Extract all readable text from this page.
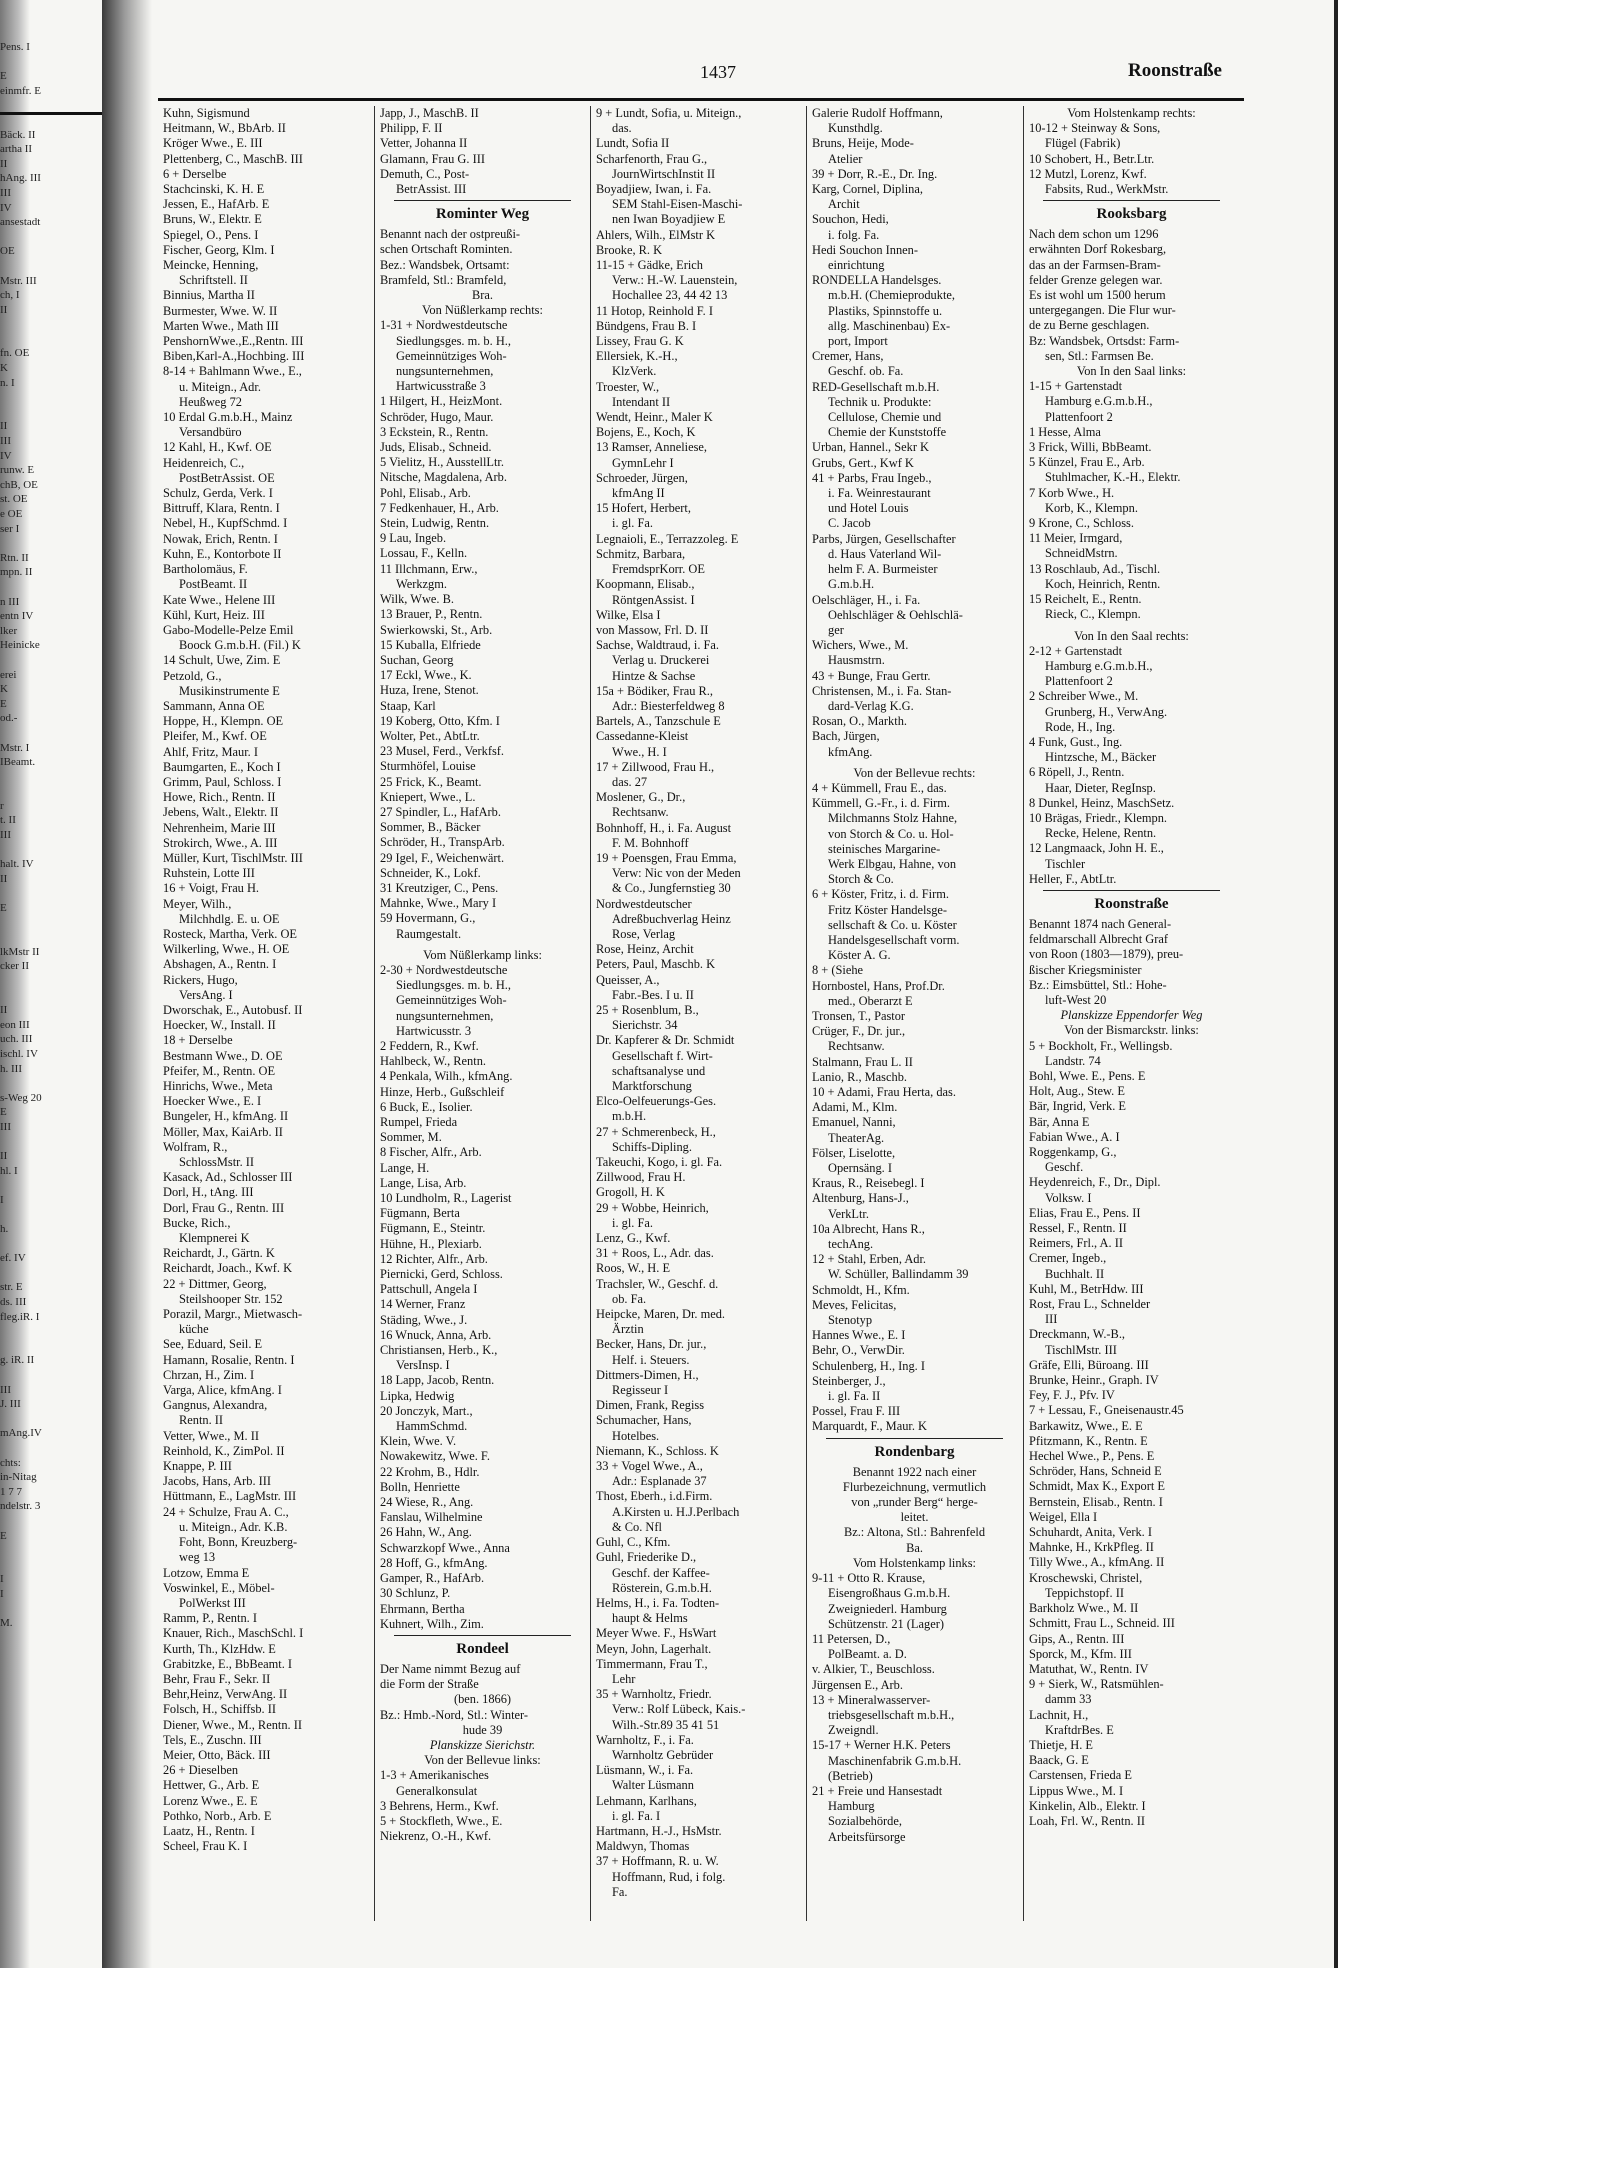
Pens. I
E
einmfr. E
Bäck. II
artha II
II
hAng. III
III
IV
ansestadt
OE
Mstr. III
ch, I
II
fn. OE
K
n. I
II
III
IV
runw. E
chB, OE
st. OE
e OE
ser I
Rtn. II
mpn. II
n III
entn IV
lker
Heinicke
erei
K
E
od.-
Mstr. I
IBeamt.
r
t. II
III
halt. IV
II
E
lkMstr II
cker II
II
eon III
uch. III
ischl. IV
h. III
s-Weg 20
E
III
II
hl. I
I
h.
ef. IV
str. E
ds. III
fleg.iR. I
g. iR. II
III
J. III
mAng.IV
chts:
in-Nitag
1 7 7
ndelstr. 3
E
I
I
M.
1437	Roonstraße
Kuhn, Sigismund
Heitmann, W., BbArb. II
Kröger Wwe., E. III
Plettenberg, C., MaschB. III
6 + Derselbe
Stachcinski, K. H. E
Jessen, E., HafArb. E
Bruns, W., Elektr. E
Spiegel, O., Pens. I
Fischer, Georg, Klm. I
Meincke, Henning,
Schriftstell. II
Binnius, Martha II
Burmester, Wwe. W. II
Marten Wwe., Math III
PenshornWwe.,E.,Rentn. III
Biben,Karl-A.,Hochbing. III
8-14 + Bahlmann Wwe., E.,
u. Miteign., Adr.
Heußweg 72
10 Erdal G.m.b.H., Mainz
Versandbüro
12 Kahl, H., Kwf. OE
Heidenreich, C.,
PostBetrAssist. OE
Schulz, Gerda, Verk. I
Bittruff, Klara, Rentn. I
Nebel, H., KupfSchmd. I
Nowak, Erich, Rentn. I
Kuhn, E., Kontorbote II
Bartholomäus, F.
PostBeamt. II
Kate Wwe., Helene III
Kühl, Kurt, Heiz. III
Gabo-Modelle-Pelze Emil
Boock G.m.b.H. (Fil.) K
14 Schult, Uwe, Zim. E
Petzold, G.,
Musikinstrumente E
Sammann, Anna OE
Hoppe, H., Klempn. OE
Pleifer, M., Kwf. OE
Ahlf, Fritz, Maur. I
Baumgarten, E., Koch I
Grimm, Paul, Schloss. I
Howe, Rich., Rentn. II
Jebens, Walt., Elektr. II
Nehrenheim, Marie III
Strokirch, Wwe., A. III
Müller, Kurt, TischlMstr. III
Ruhstein, Lotte III
16 + Voigt, Frau H.
Meyer, Wilh.,
Milchhdlg. E. u. OE
Rosteck, Martha, Verk. OE
Wilkerling, Wwe., H. OE
Abshagen, A., Rentn. I
Rickers, Hugo,
VersAng. I
Dworschak, E., Autobusf. II
Hoecker, W., Install. II
18 + Derselbe
Bestmann Wwe., D. OE
Pfeifer, M., Rentn. OE
Hinrichs, Wwe., Meta
Hoecker Wwe., E. I
Bungeler, H., kfmAng. II
Möller, Max, KaiArb. II
Wolfram, R.,
SchlossMstr. II
Kasack, Ad., Schlosser III
Dorl, H., tAng. III
Dorl, Frau G., Rentn. III
Bucke, Rich.,
Klempnerei K
Reichardt, J., Gärtn. K
Reichardt, Joach., Kwf. K
22 + Dittmer, Georg,
Steilshooper Str. 152
Porazil, Margr., Mietwasch-
küche
See, Eduard, Seil. E
Hamann, Rosalie, Rentn. I
Chrzan, H., Zim. I
Varga, Alice, kfmAng. I
Gangnus, Alexandra,
Rentn. II
Vetter, Wwe., M. II
Reinhold, K., ZimPol. II
Knappe, P. III
Jacobs, Hans, Arb. III
Hüttmann, E., LagMstr. III
24 + Schulze, Frau A. C.,
u. Miteign., Adr. K.B.
Foht, Bonn, Kreuzberg-
weg 13
Lotzow, Emma E
Voswinkel, E., Möbel-
PolWerkst III
Ramm, P., Rentn. I
Knauer, Rich., MaschSchl. I
Kurth, Th., KlzHdw. E
Grabitzke, E., BbBeamt. I
Behr, Frau F., Sekr. II
Behr,Heinz, VerwAng. II
Folsch, H., Schiffsb. II
Diener, Wwe., M., Rentn. II
Tels, E., Zuschn. III
Meier, Otto, Bäck. III
26 + Dieselben
Hettwer, G., Arb. E
Lorenz Wwe., E. E
Pothko, Norb., Arb. E
Laatz, H., Rentn. I
Scheel, Frau K. I
Japp, J., MaschB. II
Philipp, F. II
Vetter, Johanna II
Glamann, Frau G. III
Demuth, C., Post-
BetrAssist. III
Rominter Weg
Benannt nach der ostpreußi-
schen Ortschaft Rominten.
Bez.: Wandsbek, Ortsamt:
Bramfeld, Stl.: Bramfeld,
Bra.
Von Nüßlerkamp rechts:
1-31 + Nordwestdeutsche
Siedlungsges. m. b. H.,
Gemeinnütziges Woh-
nungsunternehmen,
Hartwicusstraße 3
1 Hilgert, H., HeizMont.
Schröder, Hugo, Maur.
3 Eckstein, R., Rentn.
Juds, Elisab., Schneid.
5 Vielitz, H., AusstellLtr.
Nitsche, Magdalena, Arb.
Pohl, Elisab., Arb.
7 Fedkenhauer, H., Arb.
Stein, Ludwig, Rentn.
9 Lau, Ingeb.
Lossau, F., Kelln.
11 Illchmann, Erw.,
Werkzgm.
Wilk, Wwe. B.
13 Brauer, P., Rentn.
Swierkowski, St., Arb.
15 Kuballa, Elfriede
Suchan, Georg
17 Eckl, Wwe., K.
Huza, Irene, Stenot.
Staap, Karl
19 Koberg, Otto, Kfm. I
Wolter, Pet., AbtLtr.
23 Musel, Ferd., Verkfsf.
Sturmhöfel, Louise
25 Frick, K., Beamt.
Kniepert, Wwe., L.
27 Spindler, L., HafArb.
Sommer, B., Bäcker
Schröder, H., TranspArb.
29 Igel, F., Weichenwärt.
Schneider, K., Lokf.
31 Kreutziger, C., Pens.
Mahnke, Wwe., Mary I
59 Hovermann, G.,
Raumgestalt.
Vom Nüßlerkamp links:
2-30 + Nordwestdeutsche
Siedlungsges. m. b. H.,
Gemeinnütziges Woh-
nungsunternehmen,
Hartwicusstr. 3
2 Feddern, R., Kwf.
Hahlbeck, W., Rentn.
4 Penkala, Wilh., kfmAng.
Hinze, Herb., Gußschleif
6 Buck, E., Isolier.
Rumpel, Frieda
Sommer, M.
8 Fischer, Alfr., Arb.
Lange, H.
Lange, Lisa, Arb.
10 Lundholm, R., Lagerist
Fügmann, Berta
Fügmann, E., Steintr.
Hühne, H., Plexiarb.
12 Richter, Alfr., Arb.
Piernicki, Gerd, Schloss.
Pattschull, Angela I
14 Werner, Franz
Städing, Wwe., J.
16 Wnuck, Anna, Arb.
Christiansen, Herb., K.,
VersInsp. I
18 Lapp, Jacob, Rentn.
Lipka, Hedwig
20 Jonczyk, Mart.,
HammSchmd.
Klein, Wwe. V.
Nowakewitz, Wwe. F.
22 Krohm, B., Hdlr.
Bolln, Henriette
24 Wiese, R., Ang.
Fanslau, Wilhelmine
26 Hahn, W., Ang.
Schwarzkopf Wwe., Anna
28 Hoff, G., kfmAng.
Gamper, R., HafArb.
30 Schlunz, P.
Ehrmann, Bertha
Kuhnert, Wilh., Zim.
Rondeel
Der Name nimmt Bezug auf
die Form der Straße
(ben. 1866)
Bz.: Hmb.-Nord, Stl.: Winter-
hude 39
Planskizze Sierichstr.
Von der Bellevue links:
1-3 + Amerikanisches
Generalkonsulat
3 Behrens, Herm., Kwf.
5 + Stockfleth, Wwe., E.
Niekrenz, O.-H., Kwf.
9 + Lundt, Sofia, u. Miteign.,
das.
Lundt, Sofia II
Scharfenorth, Frau G.,
JournWirtschInstit II
Boyadjiew, Iwan, i. Fa.
SEM Stahl-Eisen-Maschi-
nen Iwan Boyadjiew E
Ahlers, Wilh., ElMstr K
Brooke, R. K
11-15 + Gädke, Erich
Verw.: H.-W. Lauenstein,
Hochallee 23, 44 42 13
11 Hotop, Reinhold F. I
Bündgens, Frau B. I
Lissey, Frau G. K
Ellersiek, K.-H.,
KlzVerk.
Troester, W.,
Intendant II
Wendt, Heinr., Maler K
Bojens, E., Koch, K
13 Ramser, Anneliese,
GymnLehr I
Schroeder, Jürgen,
kfmAng II
15 Hofert, Herbert,
i. gl. Fa.
Legnaioli, E., Terrazzoleg. E
Schmitz, Barbara,
FremdsprKorr. OE
Koopmann, Elisab.,
RöntgenAssist. I
Wilke, Elsa I
von Massow, Frl. D. II
Sachse, Waldtraud, i. Fa.
Verlag u. Druckerei
Hintze & Sachse
15a + Bödiker, Frau R.,
Adr.: Biesterfeldweg 8
Bartels, A., Tanzschule E
Cassedanne-Kleist
Wwe., H. I
17 + Zillwood, Frau H.,
das. 27
Moslener, G., Dr.,
Rechtsanw.
Bohnhoff, H., i. Fa. August
F. M. Bohnhoff
19 + Poensgen, Frau Emma,
Verw: Nic von der Meden
& Co., Jungfernstieg 30
Nordwestdeutscher
Adreßbuchverlag Heinz
Rose, Verlag
Rose, Heinz, Archit
Peters, Paul, Maschb. K
Queisser, A.,
Fabr.-Bes. I u. II
25 + Rosenblum, B.,
Sierichstr. 34
Dr. Kapferer & Dr. Schmidt
Gesellschaft f. Wirt-
schaftsanalyse und
Marktforschung
Elco-Oelfeuerungs-Ges.
m.b.H.
27 + Schmerenbeck, H.,
Schiffs-Dipling.
Takeuchi, Kogo, i. gl. Fa.
Zillwood, Frau H.
Grogoll, H. K
29 + Wobbe, Heinrich,
i. gl. Fa.
Lenz, G., Kwf.
31 + Roos, L., Adr. das.
Roos, W., H. E
Trachsler, W., Geschf. d.
ob. Fa.
Heipcke, Maren, Dr. med.
Ärztin
Becker, Hans, Dr. jur.,
Helf. i. Steuers.
Dittmers-Dimen, H.,
Regisseur I
Dimen, Frank, Regiss
Schumacher, Hans,
Hotelbes.
Niemann, K., Schloss. K
33 + Vogel Wwe., A.,
Adr.: Esplanade 37
Thost, Eberh., i.d.Firm.
A.Kirsten u. H.J.Perlbach
& Co. Nfl
Guhl, C., Kfm.
Guhl, Friederike D.,
Geschf. der Kaffee-
Rösterein, G.m.b.H.
Helms, H., i. Fa. Todten-
haupt & Helms
Meyer Wwe. F., HsWart
Meyn, John, Lagerhalt.
Timmermann, Frau T.,
Lehr
35 + Warnholtz, Friedr.
Verw.: Rolf Lübeck, Kais.-
Wilh.-Str.89 35 41 51
Warnholtz, F., i. Fa.
Warnholtz Gebrüder
Lüsmann, W., i. Fa.
Walter Lüsmann
Lehmann, Karlhans,
i. gl. Fa. I
Hartmann, H.-J., HsMstr.
Maldwyn, Thomas
37 + Hoffmann, R. u. W.
Hoffmann, Rud, i folg.
Fa.
Galerie Rudolf Hoffmann,
Kunsthdlg.
Bruns, Heije, Mode-
Atelier
39 + Dorr, R.-E., Dr. Ing.
Karg, Cornel, Diplina,
Archit
Souchon, Hedi,
i. folg. Fa.
Hedi Souchon Innen-
einrichtung
RONDELLA Handelsges.
m.b.H. (Chemieprodukte,
Plastiks, Spinnstoffe u.
allg. Maschinenbau) Ex-
port, Import
Cremer, Hans,
Geschf. ob. Fa.
RED-Gesellschaft m.b.H.
Technik u. Produkte:
Cellulose, Chemie und
Chemie der Kunststoffe
Urban, Hannel., Sekr K
Grubs, Gert., Kwf K
41 + Parbs, Frau Ingeb.,
i. Fa. Weinrestaurant
und Hotel Louis
C. Jacob
Parbs, Jürgen, Gesellschafter
d. Haus Vaterland Wil-
helm F. A. Burmeister
G.m.b.H.
Oelschläger, H., i. Fa.
Oehlschläger & Oehlschlä-
ger
Wichers, Wwe., M.
Hausmstrn.
43 + Bunge, Frau Gertr.
Christensen, M., i. Fa. Stan-
dard-Verlag K.G.
Rosan, O., Markth.
Bach, Jürgen,
kfmAng.
Von der Bellevue rechts:
4 + Kümmell, Frau E., das.
Kümmell, G.-Fr., i. d. Firm.
Milchmanns Stolz Hahne,
von Storch & Co. u. Hol-
steinisches Margarine-
Werk Elbgau, Hahne, von
Storch & Co.
6 + Köster, Fritz, i. d. Firm.
Fritz Köster Handelsge-
sellschaft & Co. u. Köster
Handelsgesellschaft vorm.
Köster A. G.
8 + (Siehe
Hornbostel, Hans, Prof.Dr.
med., Oberarzt E
Tronsen, T., Pastor
Crüger, F., Dr. jur.,
Rechtsanw.
Stalmann, Frau L. II
Lanio, R., Maschb.
10 + Adami, Frau Herta, das.
Adami, M., Klm.
Emanuel, Nanni,
TheaterAg.
Fölser, Liselotte,
Opernsäng. I
Kraus, R., Reisebegl. I
Altenburg, Hans-J.,
VerkLtr.
10a Albrecht, Hans R.,
techAng.
12 + Stahl, Erben, Adr.
W. Schüller, Ballindamm 39
Schmoldt, H., Kfm.
Meves, Felicitas,
Stenotyp
Hannes Wwe., E. I
Behr, O., VerwDir.
Schulenberg, H., Ing. I
Steinberger, J.,
i. gl. Fa. II
Possel, Frau F. III
Marquardt, F., Maur. K
Rondenbarg
Benannt 1922 nach einer
Flurbezeichnung, vermutlich
von „runder Berg“ herge-
leitet.
Bz.: Altona, Stl.: Bahrenfeld
Ba.
Vom Holstenkamp links:
9-11 + Otto R. Krause,
Eisengroßhaus G.m.b.H.
Zweigniederl. Hamburg
Schützenstr. 21 (Lager)
11 Petersen, D.,
PolBeamt. a. D.
v. Alkier, T., Beuschloss.
Jürgensen E., Arb.
13 + Mineralwasserver-
triebsgesellschaft m.b.H.,
Zweigndl.
15-17 + Werner H.K. Peters
Maschinenfabrik G.m.b.H.
(Betrieb)
21 + Freie und Hansestadt
Hamburg
Sozialbehörde,
Arbeitsfürsorge
Vom Holstenkamp rechts:
10-12 + Steinway & Sons,
Flügel (Fabrik)
10 Schobert, H., Betr.Ltr.
12 Mutzl, Lorenz, Kwf.
Fabsits, Rud., WerkMstr.
Rooksbarg
Nach dem schon um 1296
erwähnten Dorf Rokesbarg,
das an der Farmsen-Bram-
felder Grenze gelegen war.
Es ist wohl um 1500 herum
untergegangen. Die Flur wur-
de zu Berne geschlagen.
Bz: Wandsbek, Ortsdst: Farm-
sen, Stl.: Farmsen Be.
Von In den Saal links:
1-15 + Gartenstadt
Hamburg e.G.m.b.H.,
Plattenfoort 2
1 Hesse, Alma
3 Frick, Willi, BbBeamt.
5 Künzel, Frau E., Arb.
Stuhlmacher, K.-H., Elektr.
7 Korb Wwe., H.
Korb, K., Klempn.
9 Krone, C., Schloss.
11 Meier, Irmgard,
SchneidMstrn.
13 Roschlaub, Ad., Tischl.
Koch, Heinrich, Rentn.
15 Reichelt, E., Rentn.
Rieck, C., Klempn.
Von In den Saal rechts:
2-12 + Gartenstadt
Hamburg e.G.m.b.H.,
Plattenfoort 2
2 Schreiber Wwe., M.
Grunberg, H., VerwAng.
Rode, H., Ing.
4 Funk, Gust., Ing.
Hintzsche, M., Bäcker
6 Röpell, J., Rentn.
Haar, Dieter, RegInsp.
8 Dunkel, Heinz, MaschSetz.
10 Brägas, Friedr., Klempn.
Recke, Helene, Rentn.
12 Langmaack, John H. E.,
Tischler
Heller, F., AbtLtr.
Roonstraße
Benannt 1874 nach General-
feldmarschall Albrecht Graf
von Roon (1803—1879), preu-
ßischer Kriegsminister
Bz.: Eimsbüttel, Stl.: Hohe-
luft-West 20
Planskizze Eppendorfer Weg
Von der Bismarckstr. links:
5 + Bockholt, Fr., Wellingsb.
Landstr. 74
Bohl, Wwe. E., Pens. E
Holt, Aug., Stew. E
Bär, Ingrid, Verk. E
Bär, Anna E
Fabian Wwe., A. I
Roggenkamp, G.,
Geschf.
Heydenreich, F., Dr., Dipl.
Volksw. I
Elias, Frau E., Pens. II
Ressel, F., Rentn. II
Reimers, Frl., A. II
Cremer, Ingeb.,
Buchhalt. II
Kuhl, M., BetrHdw. III
Rost, Frau L., Schnelder
III
Dreckmann, W.-B.,
TischlMstr. III
Gräfe, Elli, Büroang. III
Brunke, Heinr., Graph. IV
Fey, F. J., Pfv. IV
7 + Lessau, F., Gneisenaustr.45
Barkawitz, Wwe., E. E
Pfitzmann, K., Rentn. E
Hechel Wwe., P., Pens. E
Schröder, Hans, Schneid E
Schmidt, Max K., Export E
Bernstein, Elisab., Rentn. I
Weigel, Ella I
Schuhardt, Anita, Verk. I
Mahnke, H., KrkPfleg. II
Tilly Wwe., A., kfmAng. II
Kroschewski, Christel,
Teppichstopf. II
Barkholz Wwe., M. II
Schmitt, Frau L., Schneid. III
Gips, A., Rentn. III
Sporck, M., Kfm. III
Matuthat, W., Rentn. IV
9 + Sierk, W., Ratsmühlen-
damm 33
Lachnit, H.,
KraftdrBes. E
Thietje, H. E
Baack, G. E
Carstensen, Frieda E
Lippus Wwe., M. I
Kinkelin, Alb., Elektr. I
Loah, Frl. W., Rentn. II
